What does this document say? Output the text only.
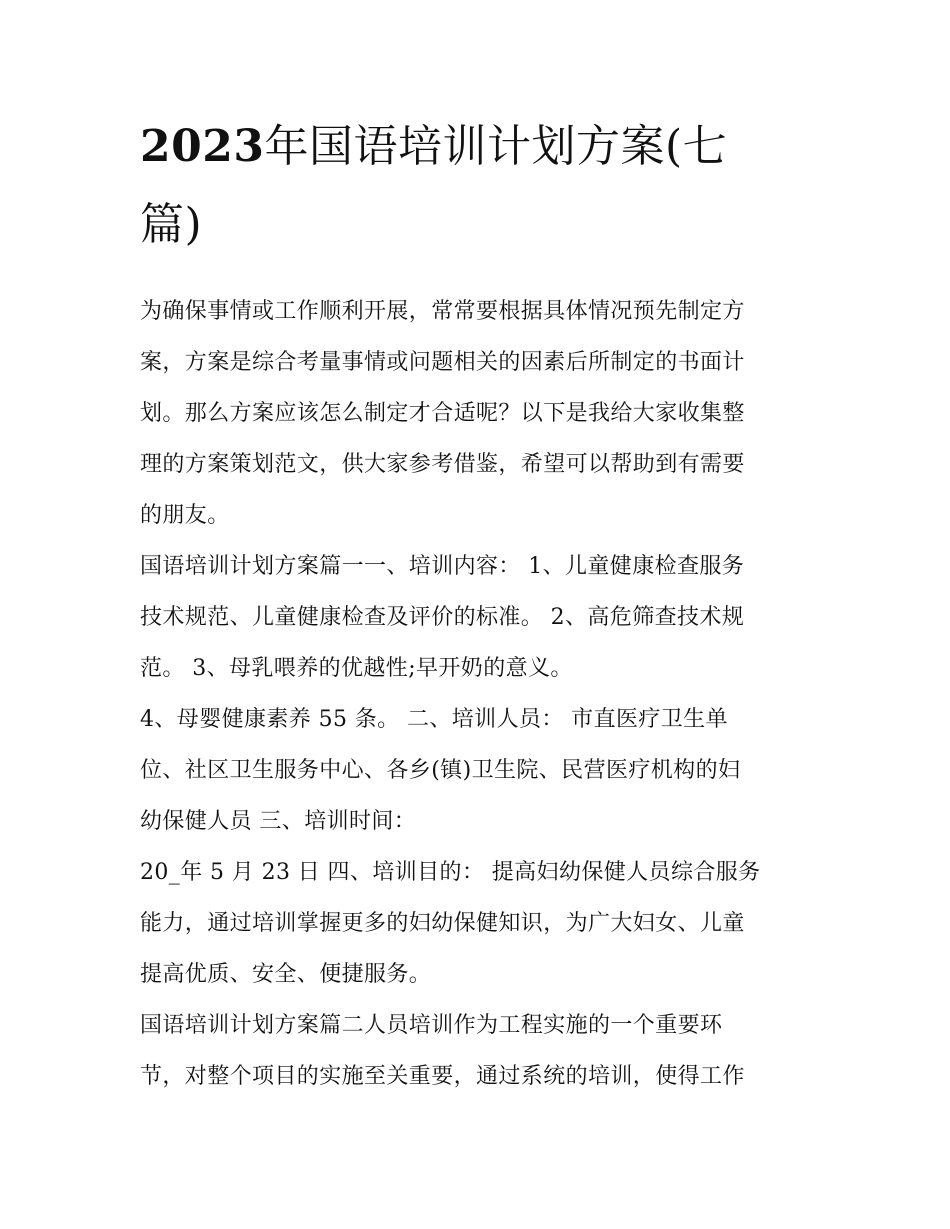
2023年国语培训计划方案(七
篇)

为确保事情或工作顺利开展，常常要根据具体情况预先制定方
案，方案是综合考量事情或问题相关的因素后所制定的书面计
划。那么方案应该怎么制定才合适呢？以下是我给大家收集整
理的方案策划范文，供大家参考借鉴，希望可以帮助到有需要
的朋友。

国语培训计划方案篇一一、培训内容： 1、儿童健康检查服务
技术规范、儿童健康检查及评价的标准。 2、高危筛查技术规
范。 3、母乳喂养的优越性;早开奶的意义。

4、母婴健康素养 55 条。 二、培训人员： 市直医疗卫生单
位、社区卫生服务中心、各乡(镇)卫生院、民营医疗机构的妇
幼保健人员 三、培训时间：

20_年 5 月 23 日 四、培训目的： 提高妇幼保健人员综合服务
能力，通过培训掌握更多的妇幼保健知识，为广大妇女、儿童
提高优质、安全、便捷服务。

国语培训计划方案篇二人员培训作为工程实施的一个重要环
节，对整个项目的实施至关重要，通过系统的培训，使得工作
